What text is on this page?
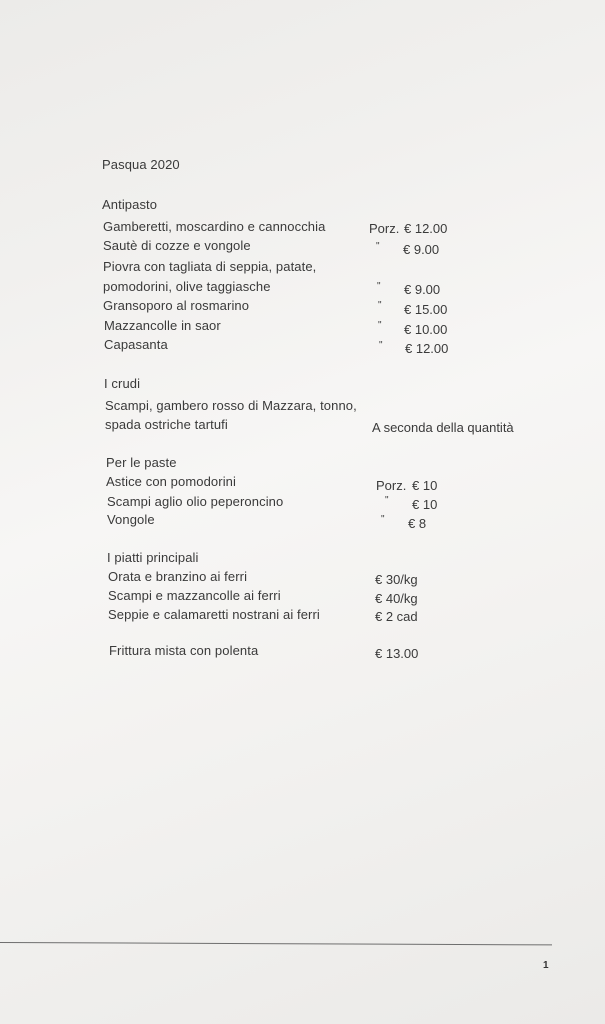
Pasqua 2020
Antipasto
Gamberetti, moscardino e cannocchia	Porz. € 12.00
Sautè di cozze e vongole	" € 9.00
Piovra con tagliata di seppia, patate,
pomodorini, olive taggiasche	" € 9.00
Gransoporo al rosmarino	" € 15.00
Mazzancolle in saor	" € 10.00
Capasanta	" € 12.00
I crudi
Scampi, gambero rosso di Mazzara, tonno,
spada ostriche tartufi	A seconda della quantità
Per le paste
Astice con pomodorini	Porz. € 10
Scampi aglio olio peperoncino	" € 10
Vongole	" € 8
I piatti principali
Orata e branzino ai ferri	€ 30/kg
Scampi e mazzancolle ai ferri	€ 40/kg
Seppie e calamaretti nostrani ai ferri	€ 2 cad
Frittura mista con polenta	€ 13.00
1
